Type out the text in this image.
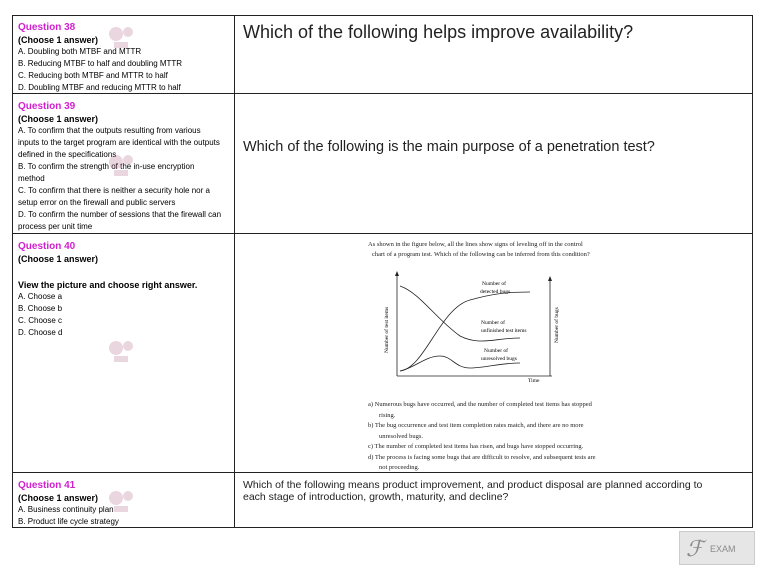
Question 38
(Choose 1 answer)
A. Doubling both MTBF and MTTR
B. Reducing MTBF to half and doubling MTTR
C. Reducing both MTBF and MTTR to half
D. Doubling MTBF and reducing MTTR to half
Which of the following helps improve availability?
Question 39
(Choose 1 answer)
A. To confirm that the outputs resulting from various
inputs to the target program are identical with the outputs
defined in the specifications
B. To confirm the strength of the in-use encryption
method
C. To confirm that there is neither a security hole nor a
setup error on the firewall and public servers
D. To confirm the number of sessions that the firewall can
process per unit time
Which of the following is the main purpose of a penetration test?
Question 40
(Choose 1 answer)
View the picture and choose right answer.
A. Choose a
B. Choose b
C. Choose c
D. Choose d
As shown in the figure below, all the lines show signs of leveling off in the control
chart of a program test. Which of the following can be inferred from this condition?
Number of test items	Number of bugs
Time
Number of
detected bugs
Number of
unfinished test items
Number of
unresolved bugs
a) Numerous bugs have occurred, and the number of completed test items has stopped
rising.
b) The bug occurrence and test item completion rates match, and there are no more
unresolved bugs.
c) The number of completed test items has risen, and bugs have stopped occurring.
d) The process is facing some bugs that are difficult to resolve, and subsequent tests are
not proceeding.
Question 41
(Choose 1 answer)
A. Business continuity plan
B. Product life cycle strategy
Which of the following means product improvement, and product disposal are planned according to
each stage of introduction, growth, maturity, and decline?
ℱ EXAM
